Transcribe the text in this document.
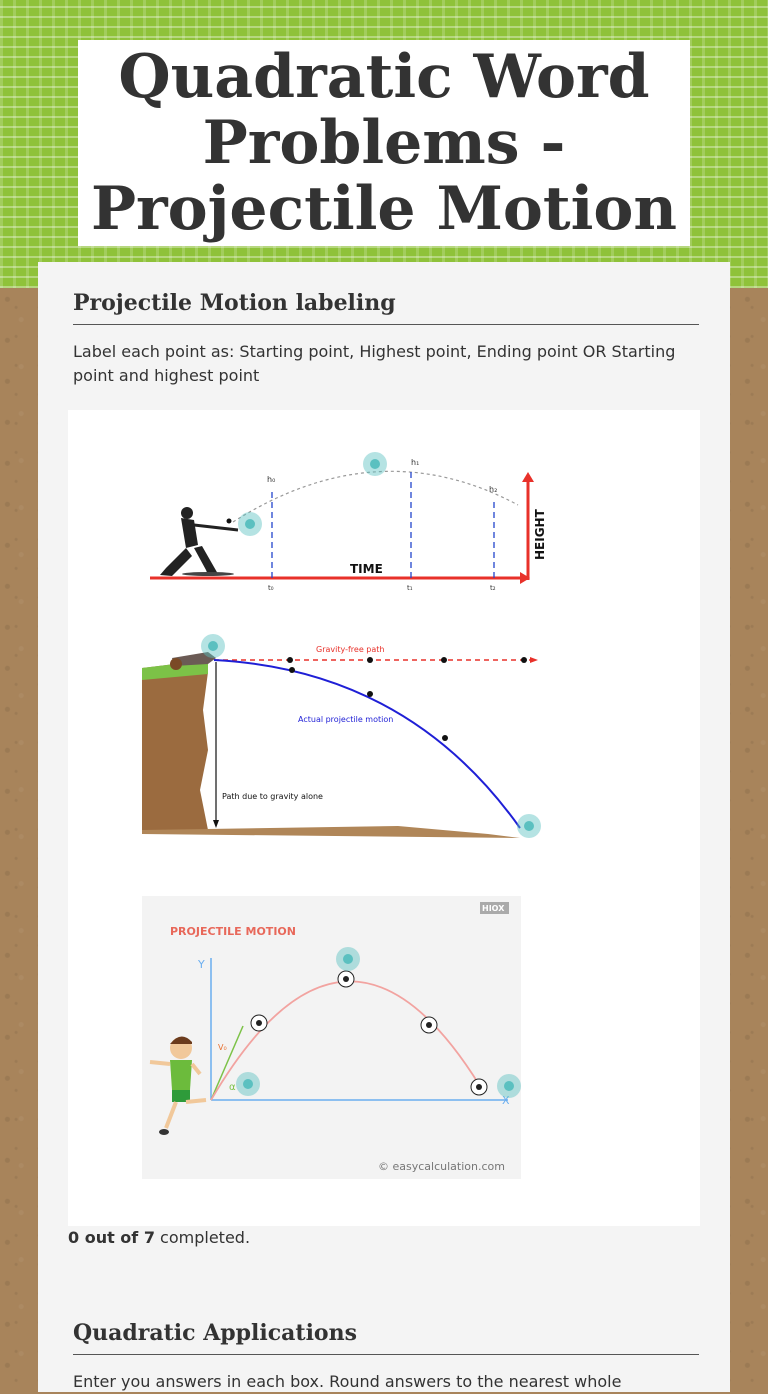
Quadratic Word Problems - Projectile Motion
Projectile Motion labeling
Label each point as: Starting point, Highest point, Ending point OR Starting point and highest point
h₀
h₁
h₂
t₀	t₁	t₂
TIME
HEIGHT
Gravity-free path
Actual projectile motion
Path due to gravity alone
PROJECTILE MOTION
HIOX
Y
X
V₀
α
© easycalculation.com
0 out of 7 completed.
Quadratic Applications
Enter you answers in each box. Round answers to the nearest whole
